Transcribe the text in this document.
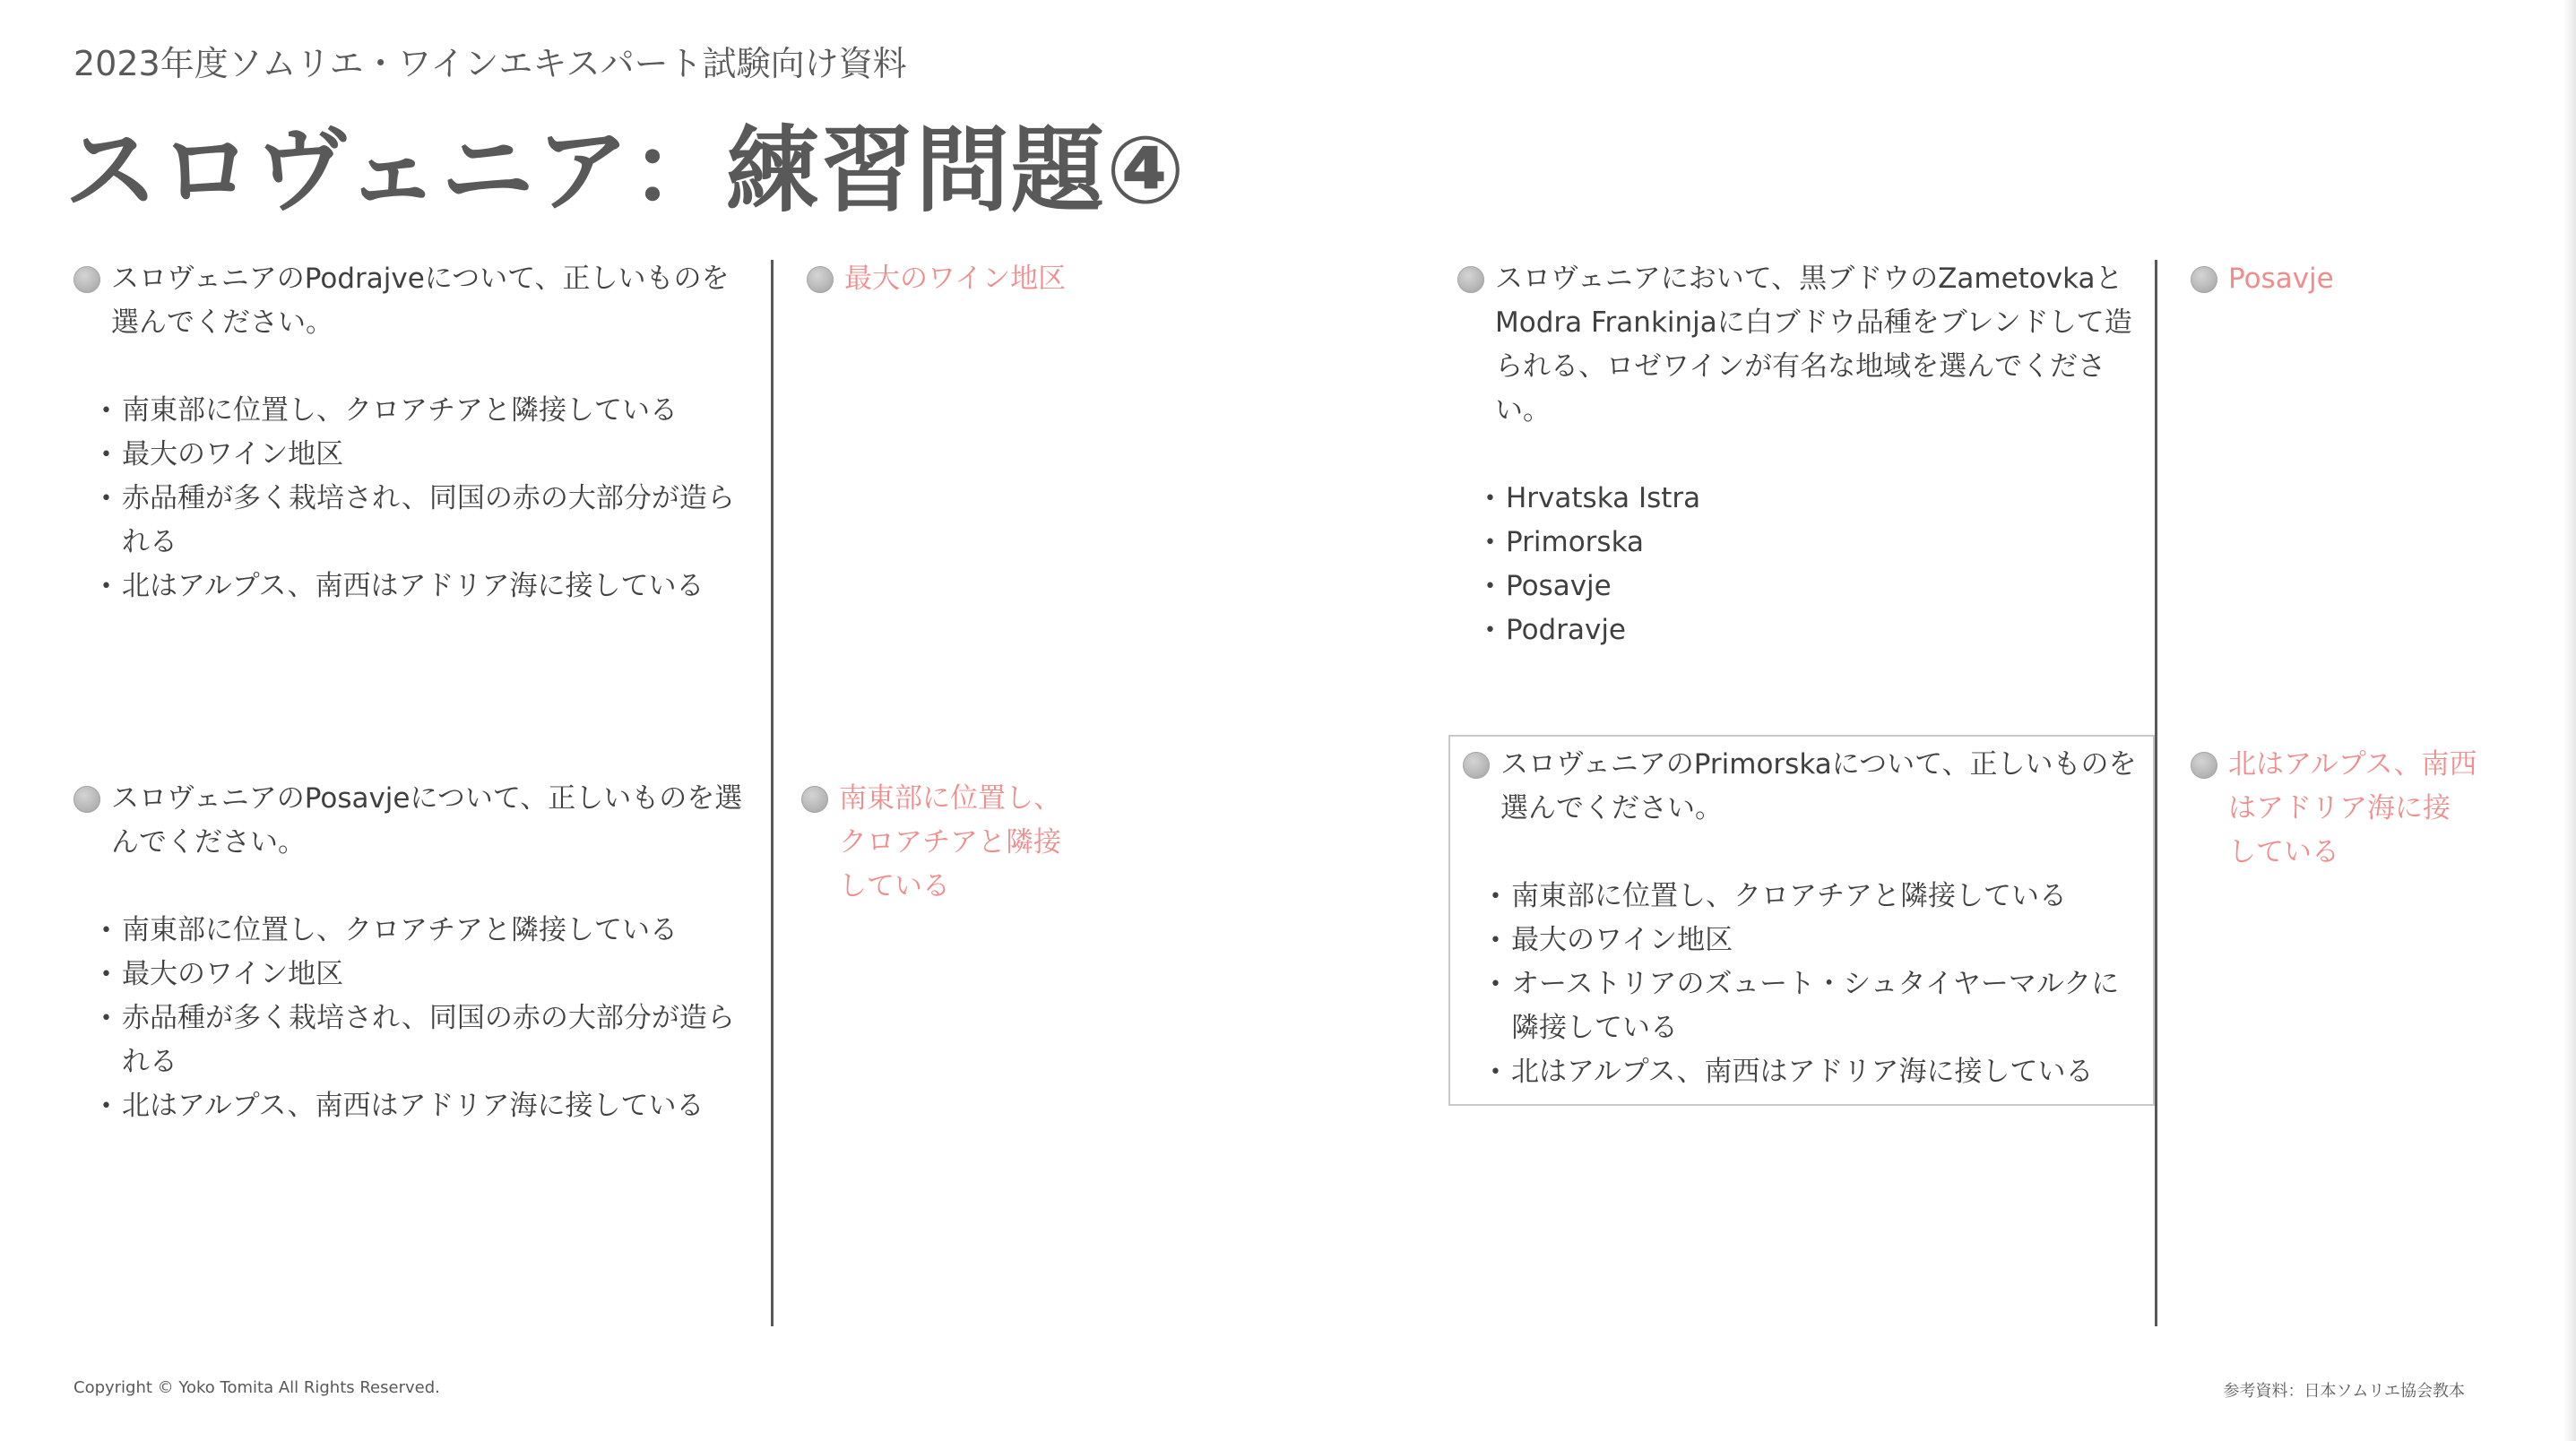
2023年度ソムリエ・ワインエキスパート試験向け資料
スロヴェニア：練習問題④
スロヴェニアのPodrajveについて、正しいものを選んでください。
• 南東部に位置し、クロアチアと隣接している
• 最大のワイン地区
• 赤品種が多く栽培され、同国の赤の大部分が造られる
• 北はアルプス、南西はアドリア海に接している
最大のワイン地区
スロヴェニアのPosavjeについて、正しいものを選んでください。
• 南東部に位置し、クロアチアと隣接している
• 最大のワイン地区
• 赤品種が多く栽培され、同国の赤の大部分が造られる
• 北はアルプス、南西はアドリア海に接している
南東部に位置し、クロアチアと隣接している
スロヴェニアにおいて、黒ブドウのZametovkaとModra Frankinjaに白ブドウ品種をブレンドして造られる、ロゼワインが有名な地域を選んでください。
• Hrvatska Istra
• Primorska
• Posavje
• Podravje
Posavje
スロヴェニアのPrimorskaについて、正しいものを選んでください。
• 南東部に位置し、クロアチアと隣接している
• 最大のワイン地区
• オーストリアのズュート・シュタイヤーマルクに隣接している
• 北はアルプス、南西はアドリア海に接している
北はアルプス、南西はアドリア海に接している
Copyright © Yoko Tomita All Rights Reserved.	参考資料：日本ソムリエ協会教本
